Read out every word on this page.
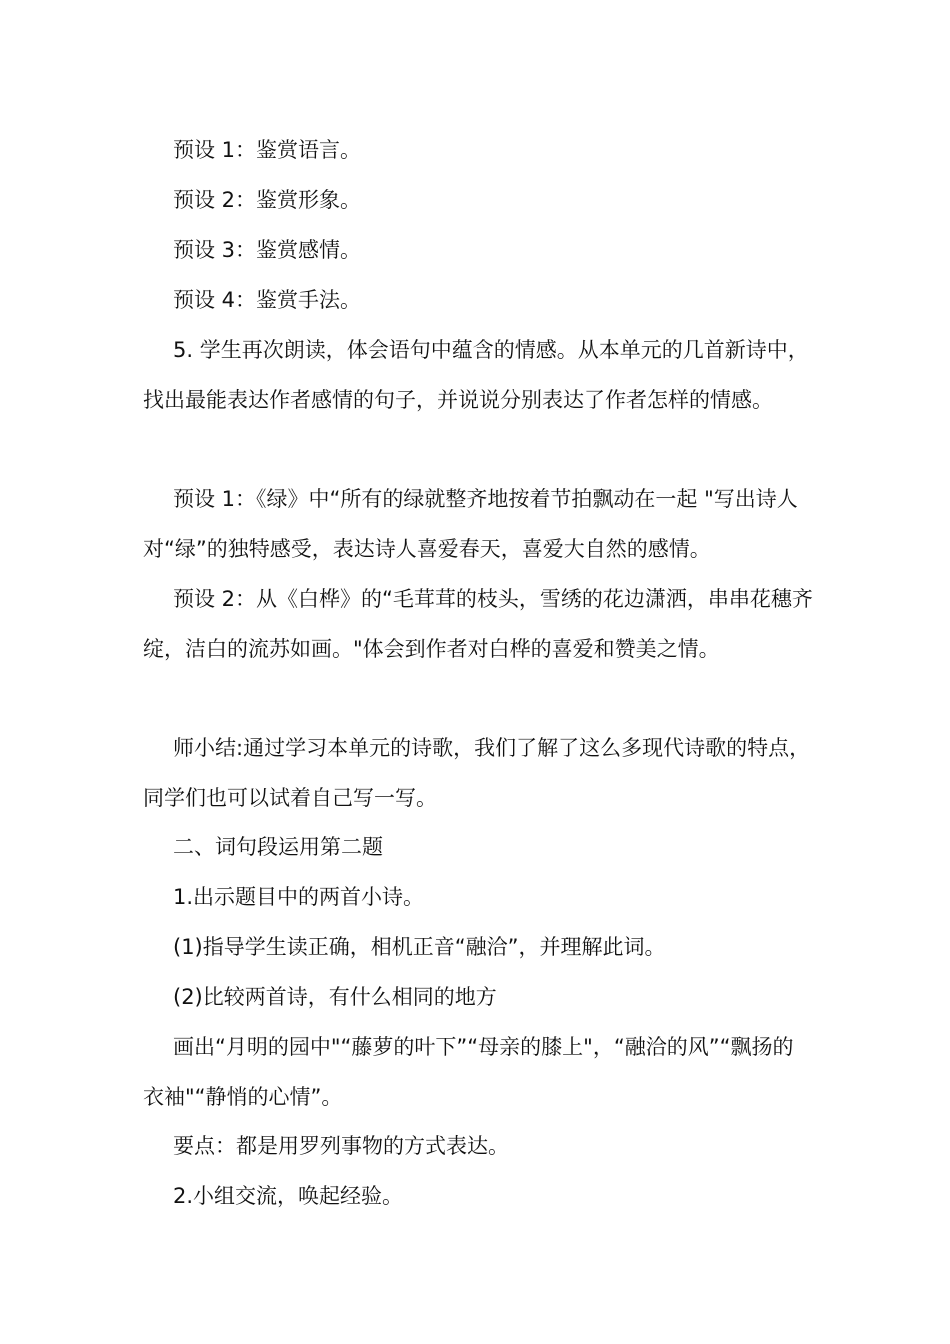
预设 1：鉴赏语言。

预设 2：鉴赏形象。

预设 3：鉴赏感情。

预设 4：鉴赏手法。

5. 学生再次朗读，体会语句中蕴含的情感。从本单元的几首新诗中，找出最能表达作者感情的句子，并说说分别表达了作者怎样的情感。

预设 1：《绿》中“所有的绿就整齐地按着节拍飘动在一起 "写出诗人对“绿”的独特感受，表达诗人喜爱春天，喜爱大自然的感情。

预设 2：从《白桦》的“毛茸茸的枝头，雪绣的花边潇洒，串串花穗齐绽，洁白的流苏如画。"体会到作者对白桦的喜爱和赞美之情。

师小结:通过学习本单元的诗歌，我们了解了这么多现代诗歌的特点，同学们也可以试着自己写一写。

二、词句段运用第二题

1.出示题目中的两首小诗。

(1)指导学生读正确，相机正音“融洽”，并理解此词。

(2)比较两首诗，有什么相同的地方

画出“月明的园中"“藤萝的叶下”“母亲的膝上"，“融洽的风”“飘扬的衣袖"“静悄的心情”。

要点：都是用罗列事物的方式表达。

2.小组交流，唤起经验。
